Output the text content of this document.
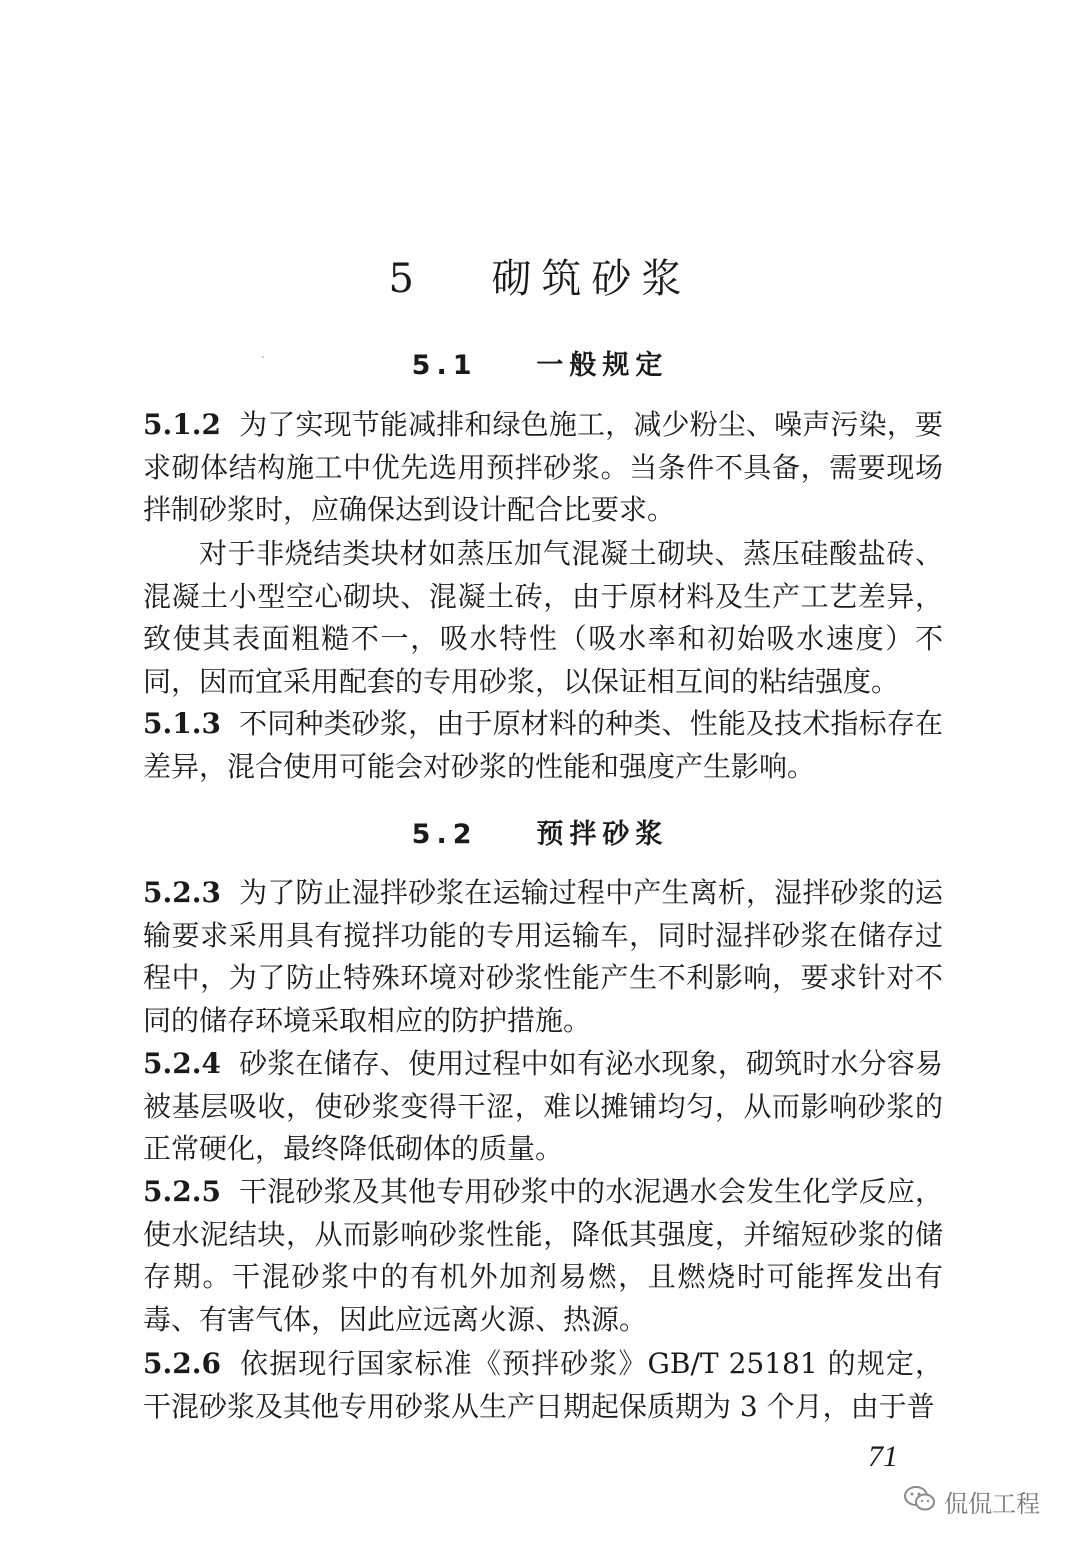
5 砌筑砂浆
5.1 一般规定
5.1.2 为了实现节能减排和绿色施工，减少粉尘、噪声污染，要求砌体结构施工中优先选用预拌砂浆。当条件不具备，需要现场拌制砂浆时，应确保达到设计配合比要求。
对于非烧结类块材如蒸压加气混凝土砌块、蒸压硅酸盐砖、混凝土小型空心砌块、混凝土砖，由于原材料及生产工艺差异，致使其表面粗糙不一，吸水特性（吸水率和初始吸水速度）不同，因而宜采用配套的专用砂浆，以保证相互间的粘结强度。
5.1.3 不同种类砂浆，由于原材料的种类、性能及技术指标存在差异，混合使用可能会对砂浆的性能和强度产生影响。
5.2 预拌砂浆
5.2.3 为了防止湿拌砂浆在运输过程中产生离析，湿拌砂浆的运输要求采用具有搅拌功能的专用运输车，同时湿拌砂浆在储存过程中，为了防止特殊环境对砂浆性能产生不利影响，要求针对不同的储存环境采取相应的防护措施。
5.2.4 砂浆在储存、使用过程中如有泌水现象，砌筑时水分容易被基层吸收，使砂浆变得干涩，难以摊铺均匀，从而影响砂浆的正常硬化，最终降低砌体的质量。
5.2.5 干混砂浆及其他专用砂浆中的水泥遇水会发生化学反应，使水泥结块，从而影响砂浆性能，降低其强度，并缩短砂浆的储存期。干混砂浆中的有机外加剂易燃，且燃烧时可能挥发出有毒、有害气体，因此应远离火源、热源。
5.2.6 依据现行国家标准《预拌砂浆》GB/T 25181 的规定，干混砂浆及其他专用砂浆从生产日期起保质期为 3 个月，由于普
71
侃侃工程
